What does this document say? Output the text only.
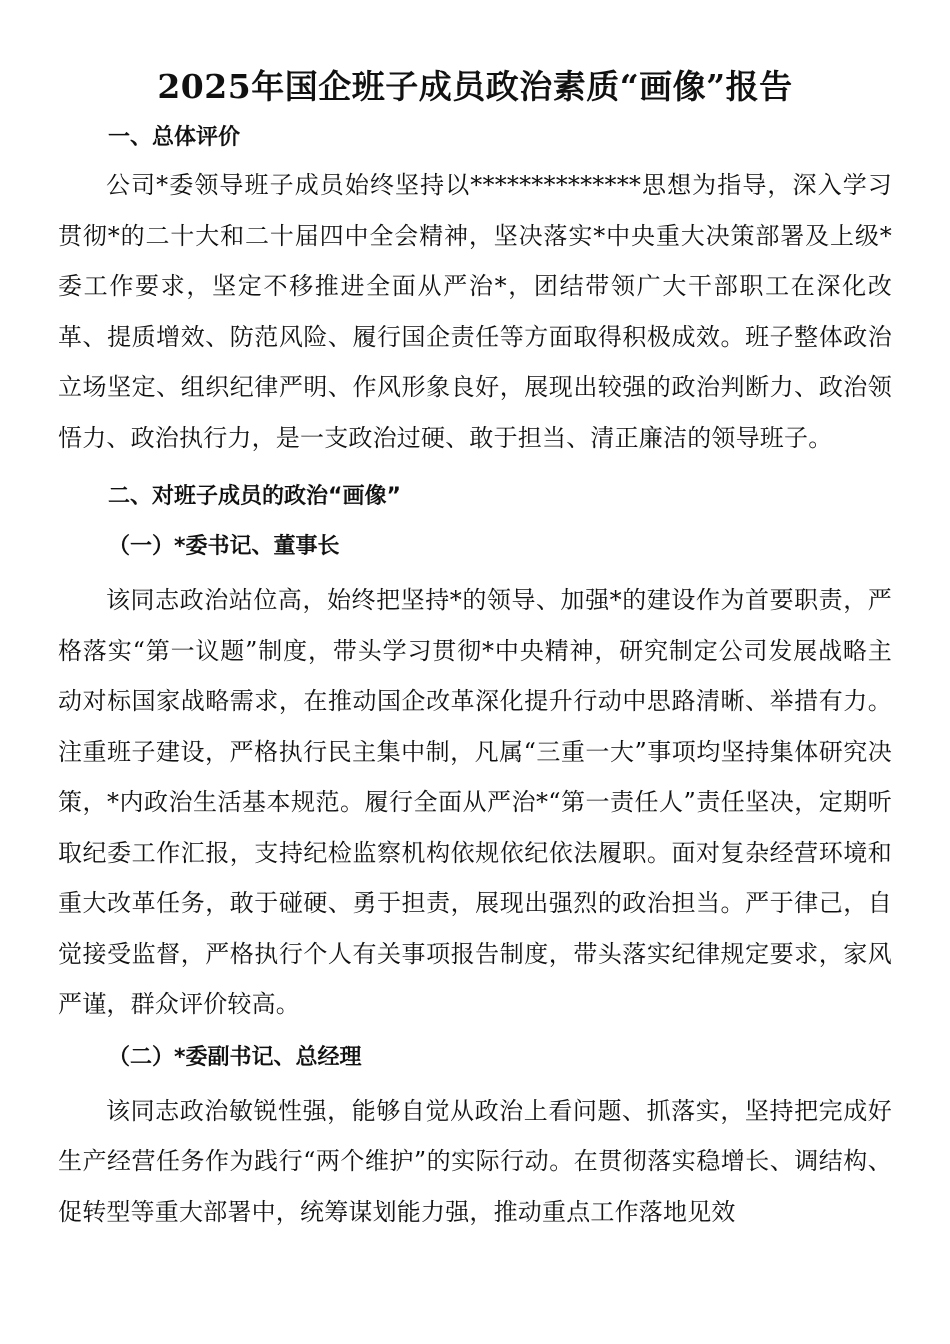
2025年国企班子成员政治素质“画像”报告
一、总体评价

公司*委领导班子成员始终坚持以**************思想为指导，深入学习贯彻*的二十大和二十届四中全会精神，坚决落实*中央重大决策部署及上级*委工作要求，坚定不移推进全面从严治*，团结带领广大干部职工在深化改革、提质增效、防范风险、履行国企责任等方面取得积极成效。班子整体政治立场坚定、组织纪律严明、作风形象良好，展现出较强的政治判断力、政治领悟力、政治执行力，是一支政治过硬、敢于担当、清正廉洁的领导班子。

二、对班子成员的政治“画像”
（一）*委书记、董事长

该同志政治站位高，始终把坚持*的领导、加强*的建设作为首要职责，严格落实“第一议题”制度，带头学习贯彻*中央精神，研究制定公司发展战略主动对标国家战略需求，在推动国企改革深化提升行动中思路清晰、举措有力。注重班子建设，严格执行民主集中制，凡属“三重一大”事项均坚持集体研究决策，*内政治生活基本规范。履行全面从严治*“第一责任人”责任坚决，定期听取纪委工作汇报，支持纪检监察机构依规依纪依法履职。面对复杂经营环境和重大改革任务，敢于碰硬、勇于担责，展现出强烈的政治担当。严于律己，自觉接受监督，严格执行个人有关事项报告制度，带头落实纪律规定要求，家风严谨，群众评价较高。

（二）*委副书记、总经理

该同志政治敏锐性强，能够自觉从政治上看问题、抓落实，坚持把完成好生产经营任务作为践行“两个维护”的实际行动。在贯彻落实稳增长、调结构、促转型等重大部署中，统筹谋划能力强，推动重点工作落地见效
